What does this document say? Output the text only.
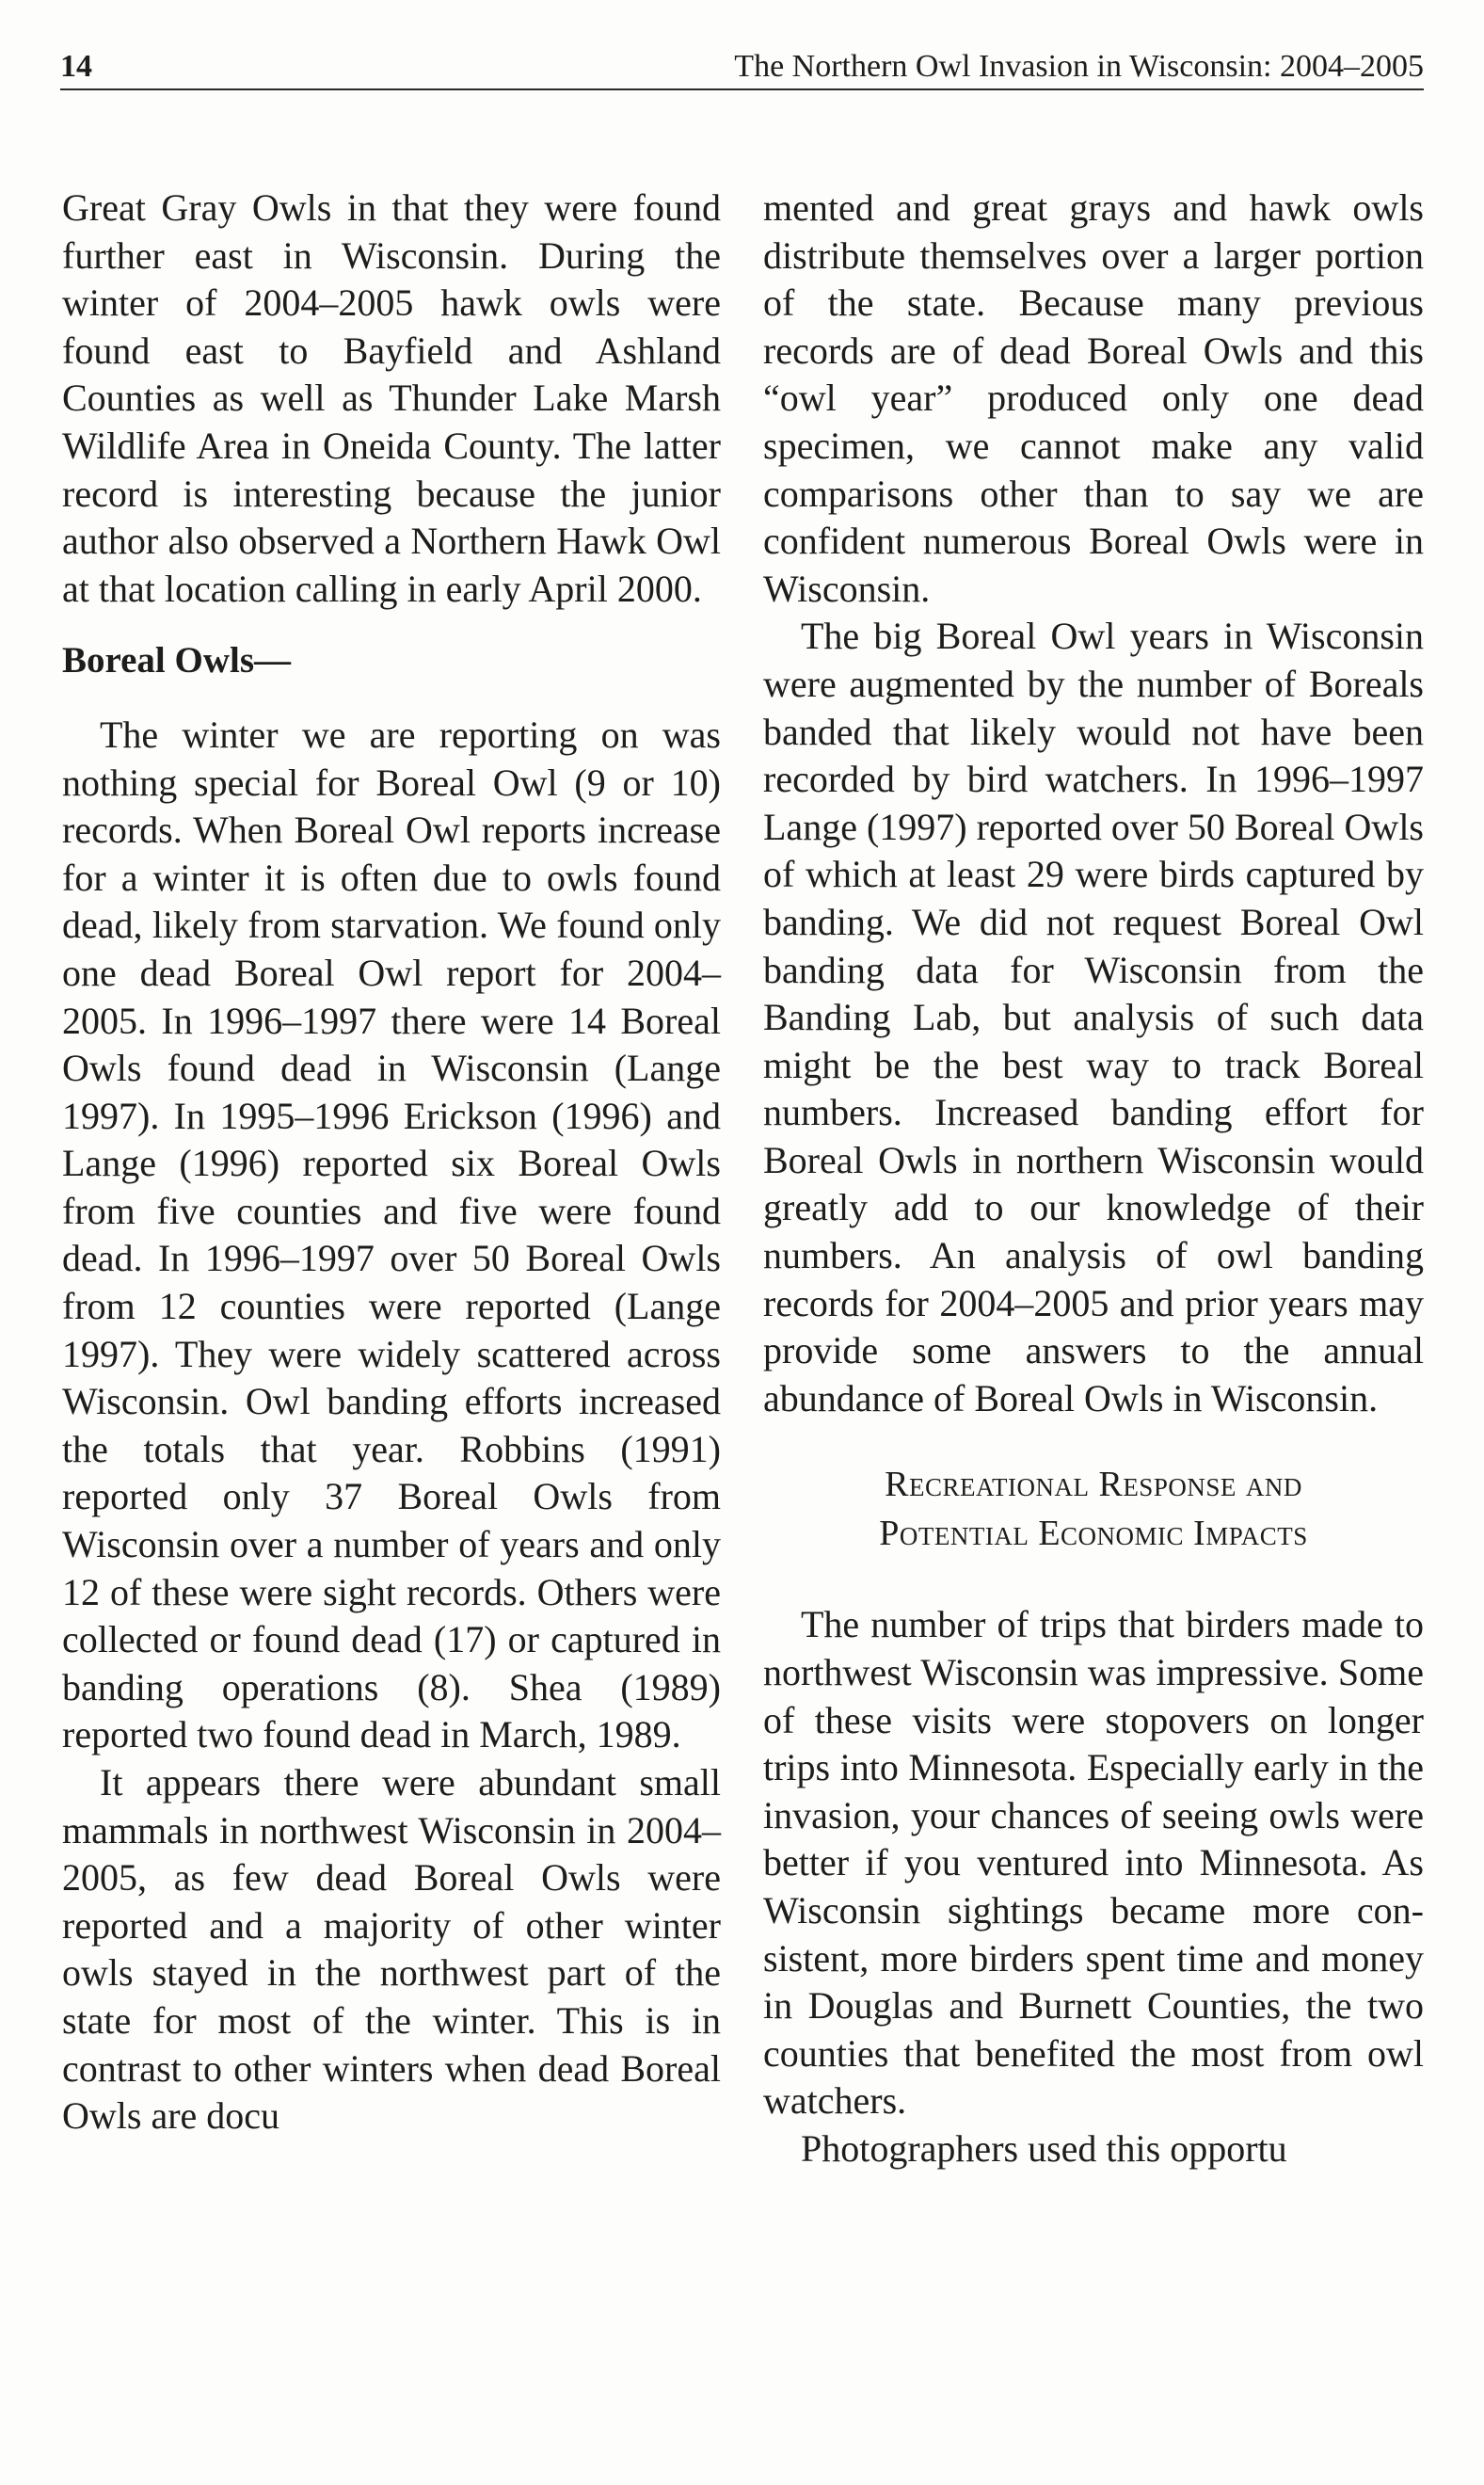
14	The Northern Owl Invasion in Wisconsin: 2004–2005

Great Gray Owls in that they were found further east in Wisconsin. During the winter of 2004–2005 hawk owls were found east to Bayfield and Ashland Counties as well as Thunder Lake Marsh Wildlife Area in Oneida County. The latter record is interesting because the junior author also observed a Northern Hawk Owl at that location calling in early April 2000.

Boreal Owls—

The winter we are reporting on was nothing special for Boreal Owl (9 or 10) records. When Boreal Owl reports increase for a winter it is often due to owls found dead, likely from starvation. We found only one dead Boreal Owl report for 2004–2005. In 1996–1997 there were 14 Boreal Owls found dead in Wisconsin (Lange 1997). In 1995–1996 Erickson (1996) and Lange (1996) reported six Boreal Owls from five counties and five were found dead. In 1996–1997 over 50 Boreal Owls from 12 counties were reported (Lange 1997). They were widely scattered across Wisconsin. Owl banding efforts increased the totals that year. Robbins (1991) reported only 37 Boreal Owls from Wisconsin over a number of years and only 12 of these were sight records. Others were collected or found dead (17) or captured in banding operations (8). Shea (1989) reported two found dead in March, 1989.

It appears there were abundant small mammals in northwest Wisconsin in 2004–2005, as few dead Boreal Owls were reported and a majority of other winter owls stayed in the northwest part of the state for most of the winter. This is in contrast to other winters when dead Boreal Owls are docu

mented and great grays and hawk owls distribute themselves over a larger portion of the state. Because many previous records are of dead Boreal Owls and this “owl year” produced only one dead specimen, we cannot make any valid comparisons other than to say we are confident numerous Boreal Owls were in Wisconsin.

The big Boreal Owl years in Wisconsin were augmented by the number of Boreals banded that likely would not have been recorded by bird watchers. In 1996–1997 Lange (1997) reported over 50 Boreal Owls of which at least 29 were birds captured by banding. We did not request Boreal Owl banding data for Wisconsin from the Banding Lab, but analysis of such data might be the best way to track Boreal numbers. Increased banding effort for Boreal Owls in northern Wisconsin would greatly add to our knowledge of their numbers. An analysis of owl banding records for 2004–2005 and prior years may provide some answers to the annual abundance of Boreal Owls in Wisconsin.

Recreational Response and
Potential Economic Impacts

The number of trips that birders made to northwest Wisconsin was impressive. Some of these visits were stopovers on longer trips into Minnesota. Especially early in the invasion, your chances of seeing owls were better if you ventured into Minnesota. As Wisconsin sightings became more consistent, more birders spent time and money in Douglas and Burnett Counties, the two counties that benefited the most from owl watchers.

Photographers used this opportu
